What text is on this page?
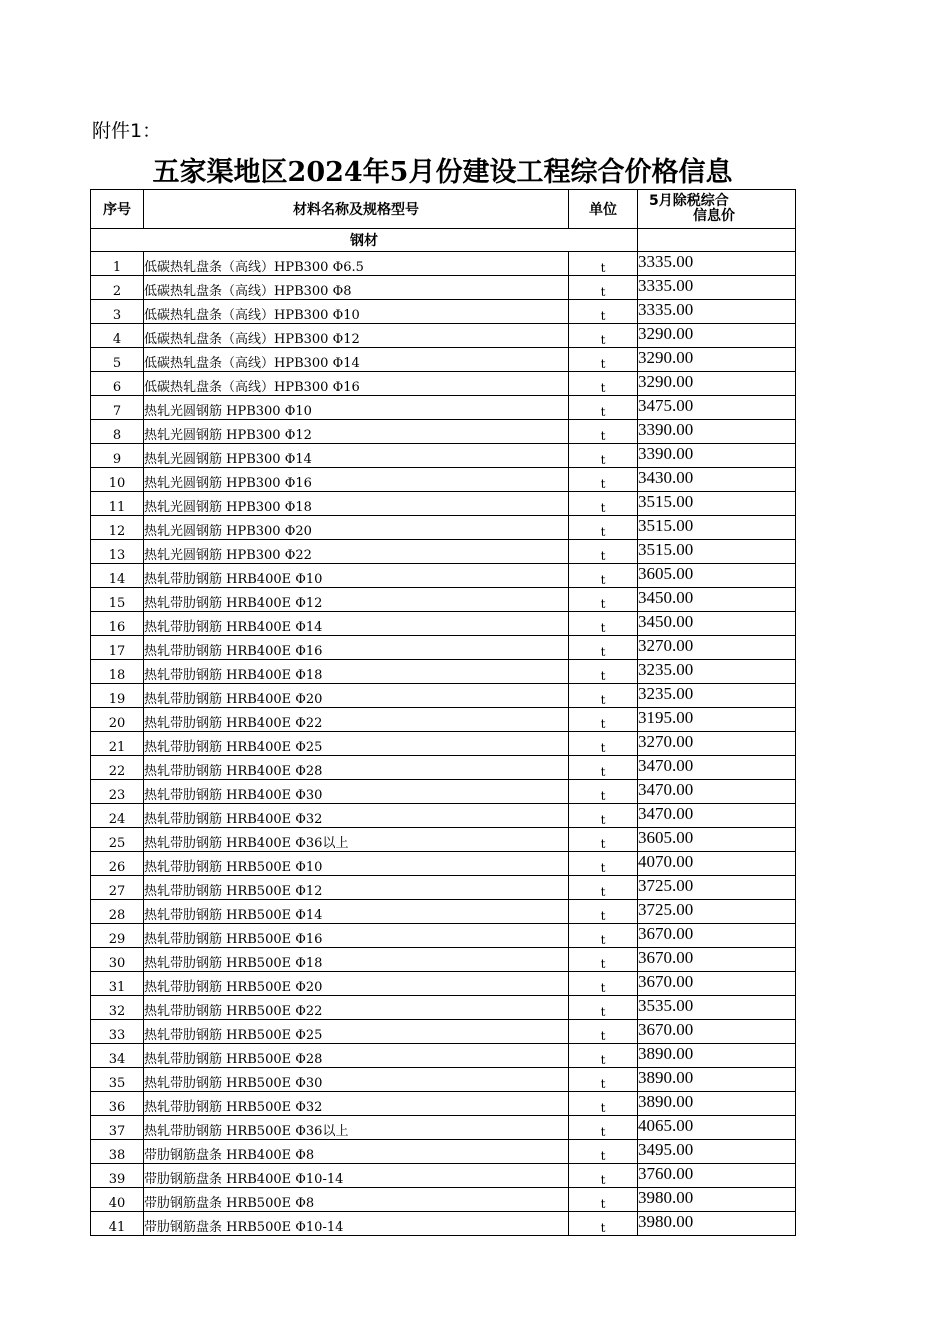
附件1：
五家渠地区2024年5月份建设工程综合价格信息
序号	材料名称及规格型号	单位	5月除税综合
信息价

钢材			
1	低碳热轧盘条（高线）HPB300 Φ6.5	t	3335.00
2	低碳热轧盘条（高线）HPB300 Φ8	t	3335.00
3	低碳热轧盘条（高线）HPB300 Φ10	t	3335.00
4	低碳热轧盘条（高线）HPB300 Φ12	t	3290.00
5	低碳热轧盘条（高线）HPB300 Φ14	t	3290.00
6	低碳热轧盘条（高线）HPB300 Φ16	t	3290.00
7	热轧光圆钢筋 HPB300 Φ10	t	3475.00
8	热轧光圆钢筋 HPB300 Φ12	t	3390.00
9	热轧光圆钢筋 HPB300 Φ14	t	3390.00
10	热轧光圆钢筋 HPB300 Φ16	t	3430.00
11	热轧光圆钢筋 HPB300 Φ18	t	3515.00
12	热轧光圆钢筋 HPB300 Φ20	t	3515.00
13	热轧光圆钢筋 HPB300 Φ22	t	3515.00
14	热轧带肋钢筋 HRB400E Φ10	t	3605.00
15	热轧带肋钢筋 HRB400E Φ12	t	3450.00
16	热轧带肋钢筋 HRB400E Φ14	t	3450.00
17	热轧带肋钢筋 HRB400E Φ16	t	3270.00
18	热轧带肋钢筋 HRB400E Φ18	t	3235.00
19	热轧带肋钢筋 HRB400E Φ20	t	3235.00
20	热轧带肋钢筋 HRB400E Φ22	t	3195.00
21	热轧带肋钢筋 HRB400E Φ25	t	3270.00
22	热轧带肋钢筋 HRB400E Φ28	t	3470.00
23	热轧带肋钢筋 HRB400E Φ30	t	3470.00
24	热轧带肋钢筋 HRB400E Φ32	t	3470.00
25	热轧带肋钢筋 HRB400E Φ36以上	t	3605.00
26	热轧带肋钢筋 HRB500E Φ10	t	4070.00
27	热轧带肋钢筋 HRB500E Φ12	t	3725.00
28	热轧带肋钢筋 HRB500E Φ14	t	3725.00
29	热轧带肋钢筋 HRB500E Φ16	t	3670.00
30	热轧带肋钢筋 HRB500E Φ18	t	3670.00
31	热轧带肋钢筋 HRB500E Φ20	t	3670.00
32	热轧带肋钢筋 HRB500E Φ22	t	3535.00
33	热轧带肋钢筋 HRB500E Φ25	t	3670.00
34	热轧带肋钢筋 HRB500E Φ28	t	3890.00
35	热轧带肋钢筋 HRB500E Φ30	t	3890.00
36	热轧带肋钢筋 HRB500E Φ32	t	3890.00
37	热轧带肋钢筋 HRB500E Φ36以上	t	4065.00
38	带肋钢筋盘条 HRB400E Φ8	t	3495.00
39	带肋钢筋盘条 HRB400E Φ10-14	t	3760.00
40	带肋钢筋盘条 HRB500E Φ8	t	3980.00
41	带肋钢筋盘条 HRB500E Φ10-14	t	3980.00
